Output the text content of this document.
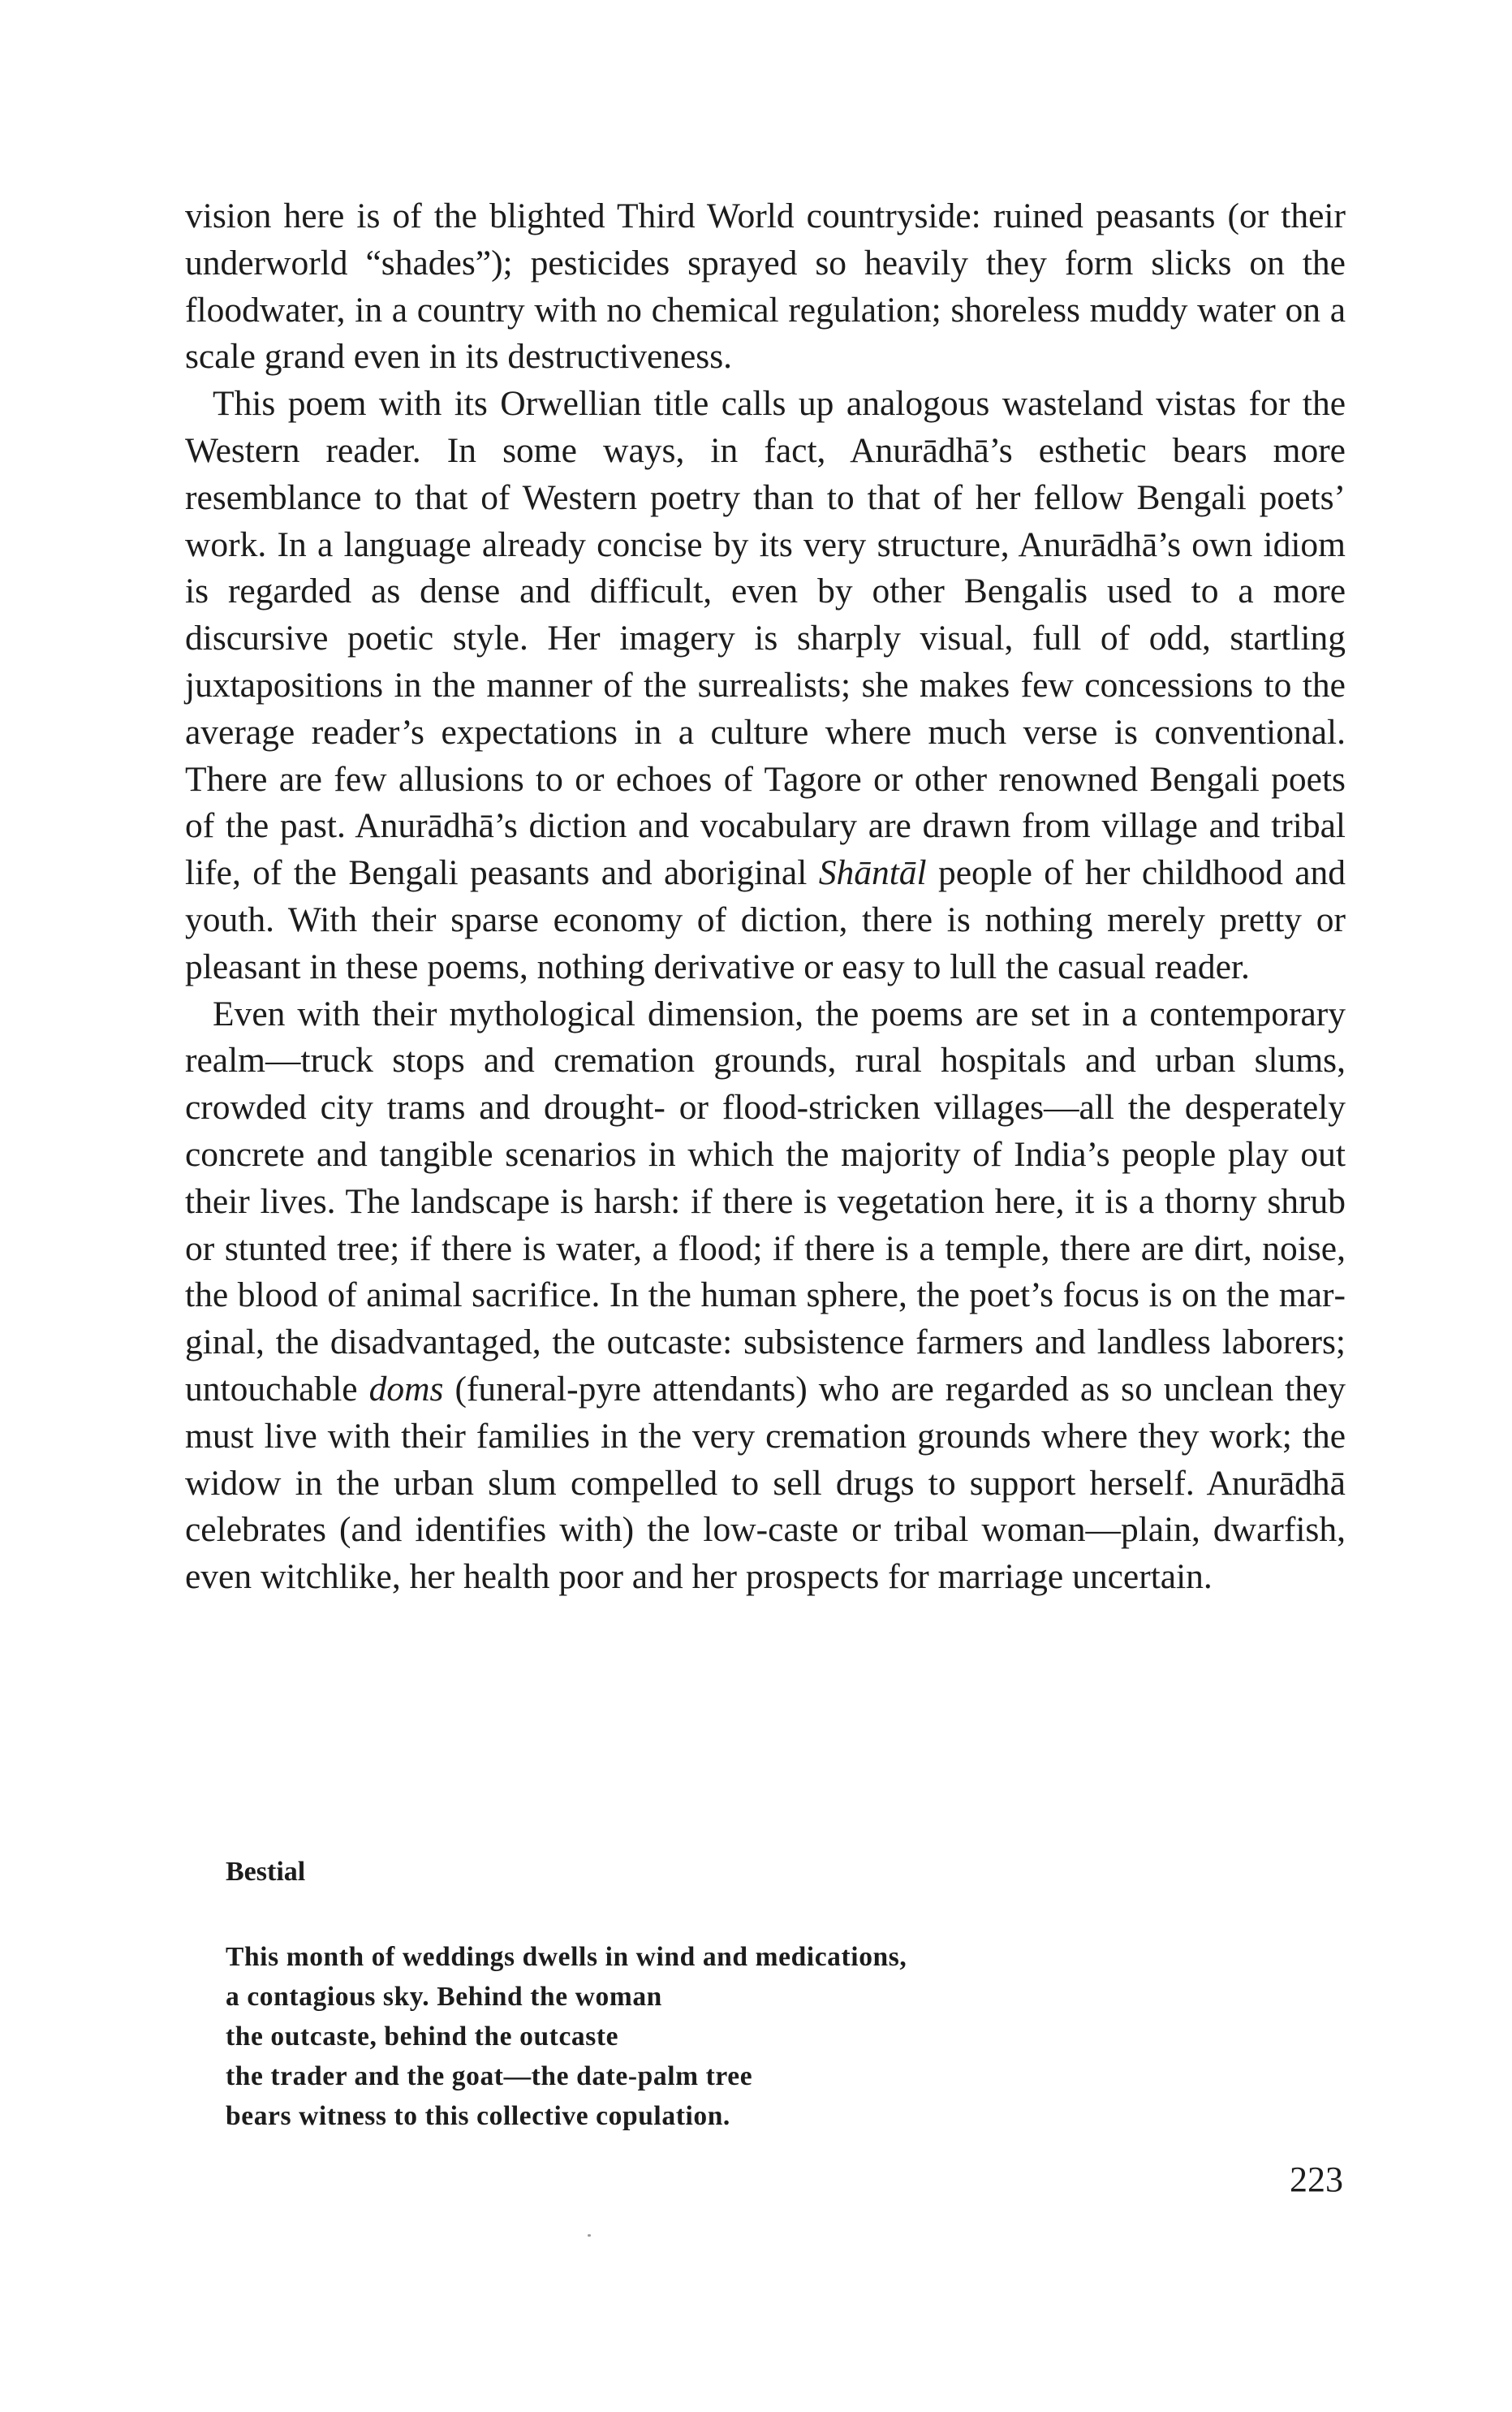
vision here is of the blighted Third World countryside: ruined peasants (or their underworld “shades”); pesticides sprayed so heavily they form slicks on the floodwater, in a country with no chemical regulation; shoreless muddy water on a scale grand even in its destructiveness.

This poem with its Orwellian title calls up analogous wasteland vistas for the Western reader. In some ways, in fact, Anurādhā’s esthetic bears more resemblance to that of Western poetry than to that of her fellow Bengali poets’ work. In a language already concise by its very structure, Anurādhā’s own idiom is regarded as dense and difficult, even by other Bengalis used to a more discursive poetic style. Her imagery is sharply visual, full of odd, startling juxtapositions in the manner of the surrealists; she makes few concessions to the average reader’s expectations in a culture where much verse is conventional. There are few allusions to or echoes of Tagore or other renowned Bengali poets of the past. Anurādhā’s diction and vocabulary are drawn from village and tribal life, of the Bengali peasants and aboriginal Shāntāl people of her childhood and youth. With their sparse economy of diction, there is nothing merely pretty or pleasant in these poems, nothing derivative or easy to lull the casual reader.

Even with their mythological dimension, the poems are set in a contemporary realm—truck stops and cremation grounds, rural hospitals and urban slums, crowded city trams and drought- or flood-stricken villages—all the desperately concrete and tangible scenarios in which the majority of India’s people play out their lives. The landscape is harsh: if there is vegetation here, it is a thorny shrub or stunted tree; if there is water, a flood; if there is a temple, there are dirt, noise, the blood of animal sacrifice. In the human sphere, the poet’s focus is on the marginal, the disadvantaged, the outcaste: subsistence farmers and landless laborers; untouchable doms (funeral-pyre attendants) who are regarded as so unclean they must live with their families in the very cremation grounds where they work; the widow in the urban slum compelled to sell drugs to support herself. Anurādhā celebrates (and identifies with) the low-caste or tribal woman—plain, dwarfish, even witchlike, her health poor and her prospects for marriage uncertain.

Bestial

This month of weddings dwells in wind and medications,

a contagious sky. Behind the woman

the outcaste, behind the outcaste

the trader and the goat—the date-palm tree

bears witness to this collective copulation.

223
